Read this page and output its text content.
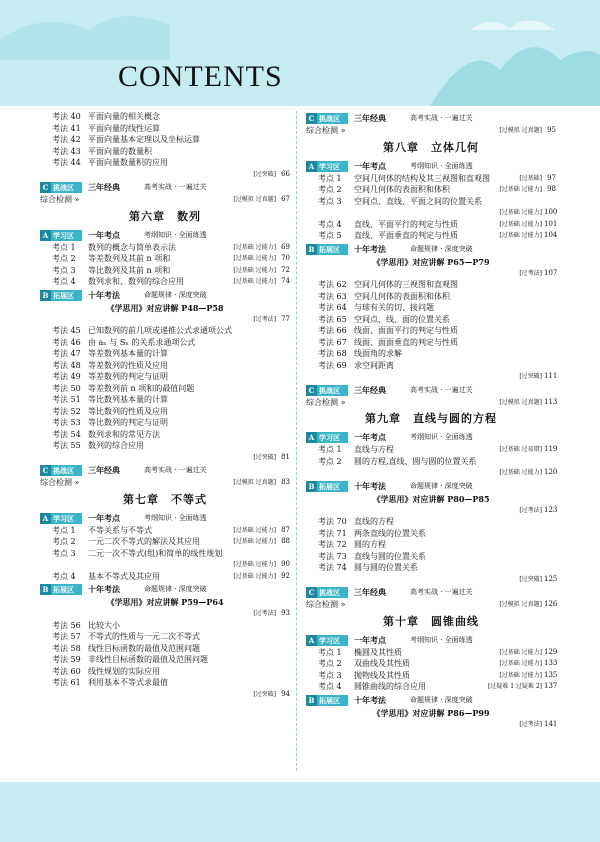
CONTENTS
考法 40 平面向量的相关概念
考法 41 平面向量的线性运算
考法 42 平面向量基本定理以及坐标运算
考法 43 平面向量的数量积
考法 44 平面向量数量积的应用
[过突破] 66
C 挑战区	三年经典	高考实战 · 一遍过关
综合检测 »	[过模拟 过真题] 67
第六章　数列
A 学习区	一年考点	考纲知识 · 全面练透
考点 1 数列的概念与简单表示法	[过基础 过能力] 69
考点 2 等差数列及其前 n 项和	[过基础 过能力] 70
考点 3 等比数列及其前 n 项和	[过基础 过能力] 72
考点 4 数列求和、数列的综合应用	[过基础 过能力] 74
B 拓展区	十年考法	命题规律 · 深度突破
《学思用》对应讲解 P48—P58
[过考法] 77
考法 45 已知数列的前几项或递推公式求通项公式
考法 46 由 aₙ 与 Sₙ 的关系求通项公式
考法 47 等差数列基本量的计算
考法 48 等差数列的性质及应用
考法 49 等差数列的判定与证明
考法 50 等差数列前 n 项和的最值问题
考法 51 等比数列基本量的计算
考法 52 等比数列的性质及应用
考法 53 等比数列的判定与证明
考法 54 数列求和的常见方法
考法 55 数列的综合应用
[过突破] 81
C 挑战区	三年经典	高考实战 · 一遍过关
综合检测 »	[过模拟 过真题] 83
第七章　不等式
A 学习区	一年考点	考纲知识 · 全面练透
考点 1 不等关系与不等式	[过基础 过能力] 87
考点 2 一元二次不等式的解法及其应用	[过基础 过能力] 88
考点 3 二元一次不等式(组)和简单的线性规划
[过基础 过能力] 90
考点 4 基本不等式及其应用	[过基础 过能力] 92
B 拓展区	十年考法	命题规律 · 深度突破
《学思用》对应讲解 P59—P64
[过考法] 93
考法 56 比较大小
考法 57 不等式的性质与一元二次不等式
考法 58 线性目标函数的最值及范围问题
考法 59 非线性目标函数的最值及范围问题
考法 60 线性规划的实际应用
考法 61 利用基本不等式求最值
[过突破] 94
C 挑战区	三年经典	高考实战 · 一遍过关
综合检测 »	[过模拟 过真题] 95
第八章　立体几何
A 学习区	一年考点	考纲知识 · 全面练透
考点 1 空间几何体的结构及其三视图和直观图	[过基础] 97
考点 2 空间几何体的表面积和体积	[过基础 过能力] 98
考点 3 空间点、直线、平面之间的位置关系
[过基础 过能力] 100
考点 4 直线、平面平行的判定与性质	[过基础 过能力] 101
考点 5 直线、平面垂直的判定与性质	[过基础 过能力] 104
B 拓展区	十年考法	命题规律 · 深度突破
《学思用》对应讲解 P65—P79
[过考法] 107
考法 62 空间几何体的三视图和直观图
考法 63 空间几何体的表面积和体积
考法 64 与球有关的切、接问题
考法 65 空间点、线、面的位置关系
考法 66 线面、面面平行的判定与性质
考法 67 线面、面面垂直的判定与性质
考法 68 线面角的求解
考法 69 求空间距离
[过突破] 111
C 挑战区	三年经典	高考实战 · 一遍过关
综合检测 »	[过模拟 过真题] 113
第九章　直线与圆的方程
A 学习区	一年考点	考纲知识 · 全面练透
考点 1 直线与方程	[过基础 过易错] 119
考点 2 圆的方程,直线、圆与圆的位置关系
[过基础 过能力] 120
B 拓展区	十年考法	命题规律 · 深度突破
《学思用》对应讲解 P80—P85
[过考法] 123
考法 70 直线的方程
考法 71 两条直线的位置关系
考法 72 圆的方程
考法 73 直线与圆的位置关系
考法 74 圆与圆的位置关系
[过突破] 125
C 挑战区	三年经典	高考实战 · 一遍过关
综合检测 »	[过模拟 过真题] 126
第十章　圆锥曲线
A 学习区	一年考点	考纲知识 · 全面练透
考点 1 椭圆及其性质	[过基础 过能力] 129
考点 2 双曲线及其性质	[过基础 过能力] 133
考点 3 抛物线及其性质	[过基础 过能力] 135
考点 4 圆锥曲线的综合应用	[过疑难 1 过疑难 2] 137
B 拓展区	十年考法	命题规律 · 深度突破
《学思用》对应讲解 P86—P99
[过考法] 141
